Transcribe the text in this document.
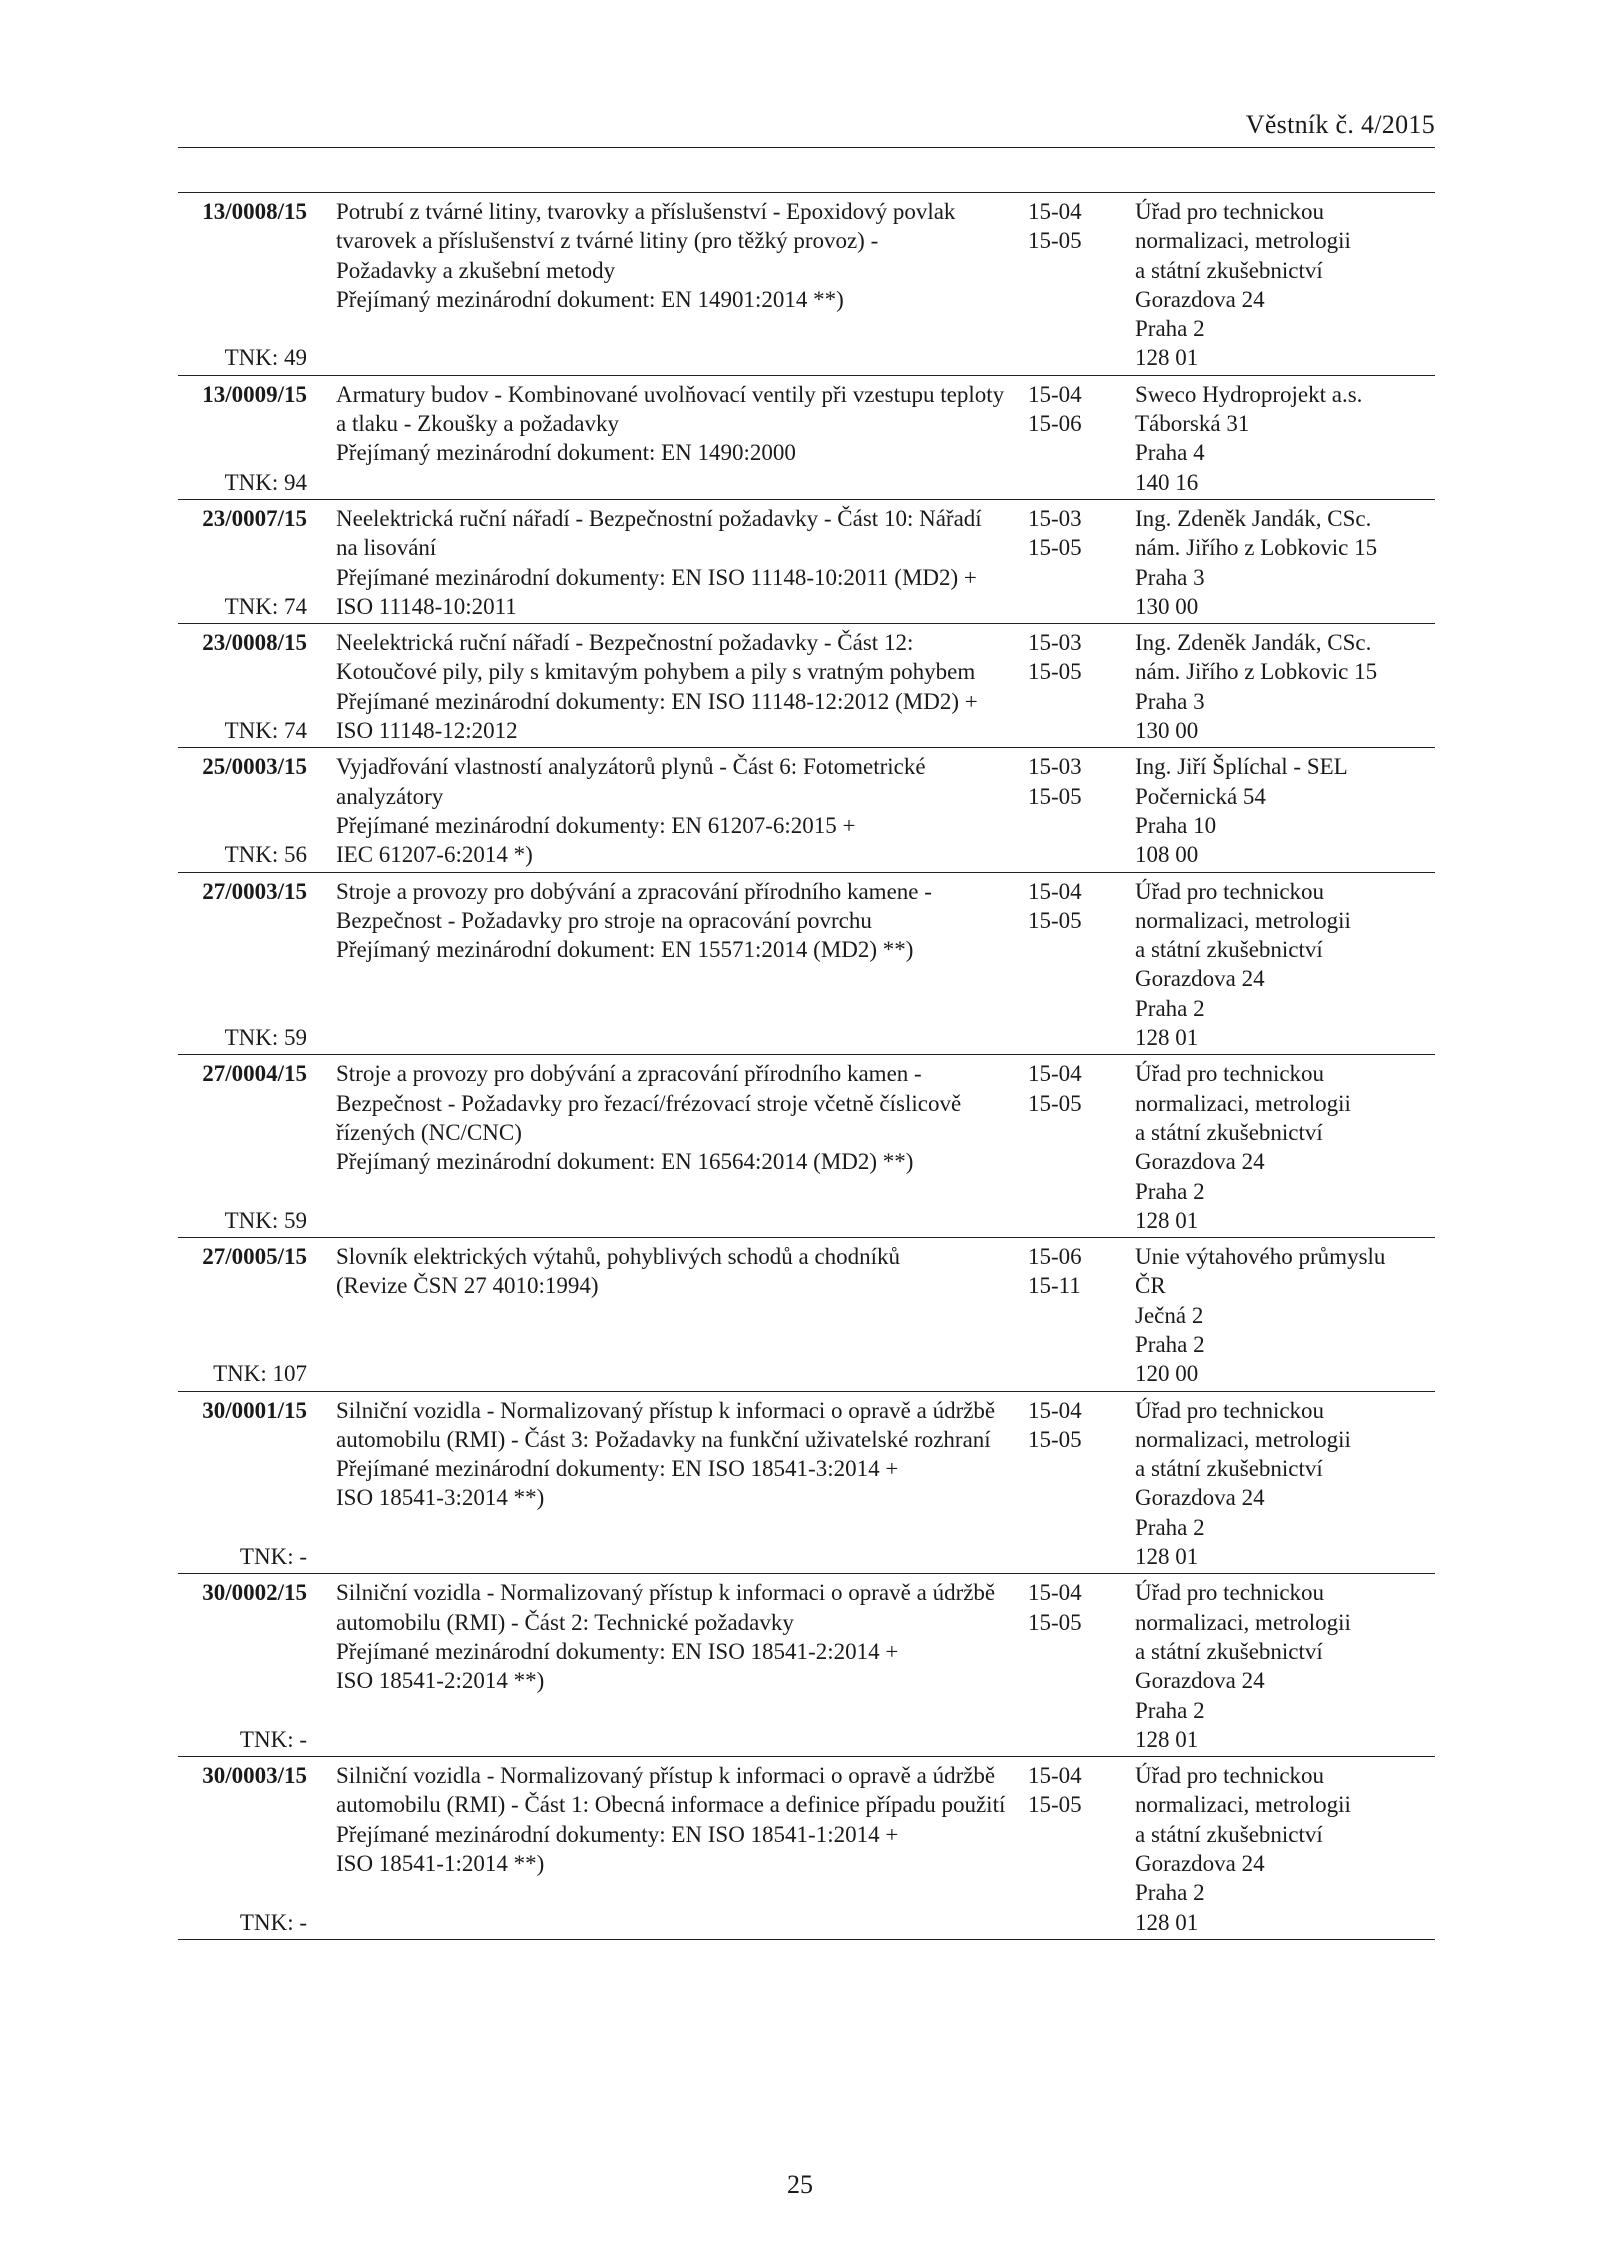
Věstník č. 4/2015
13/0008/15
TNK: 49
Potrubí z tvárné litiny, tvarovky a příslušenství - Epoxidový povlak
tvarovek a příslušenství z tvárné litiny (pro těžký provoz) -
Požadavky a zkušební metody
Přejímaný mezinárodní dokument: EN 14901:2014 **)
15-04
15-05
Úřad pro technickou
normalizaci, metrologii
a státní zkušebnictví
Gorazdova 24
Praha 2
128 01
13/0009/15
TNK: 94
Armatury budov - Kombinované uvolňovací ventily při vzestupu teploty
a tlaku - Zkoušky a požadavky
Přejímaný mezinárodní dokument: EN 1490:2000
15-04
15-06
Sweco Hydroprojekt a.s.
Táborská 31
Praha 4
140 16
23/0007/15
TNK: 74
Neelektrická ruční nářadí - Bezpečnostní požadavky - Část 10: Nářadí
na lisování
Přejímané mezinárodní dokumenty: EN ISO 11148-10:2011 (MD2) +
ISO 11148-10:2011
15-03
15-05
Ing. Zdeněk Jandák, CSc.
nám. Jiřího z Lobkovic 15
Praha 3
130 00
23/0008/15
TNK: 74
Neelektrická ruční nářadí - Bezpečnostní požadavky - Část 12:
Kotoučové pily, pily s kmitavým pohybem a pily s vratným pohybem
Přejímané mezinárodní dokumenty: EN ISO 11148-12:2012 (MD2) +
ISO 11148-12:2012
15-03
15-05
Ing. Zdeněk Jandák, CSc.
nám. Jiřího z Lobkovic 15
Praha 3
130 00
25/0003/15
TNK: 56
Vyjadřování vlastností analyzátorů plynů - Část 6: Fotometrické
analyzátory
Přejímané mezinárodní dokumenty: EN 61207-6:2015 +
IEC 61207-6:2014 *)
15-03
15-05
Ing. Jiří Šplíchal - SEL
Počernická 54
Praha 10
108 00
27/0003/15
TNK: 59
Stroje a provozy pro dobývání a zpracování přírodního kamene -
Bezpečnost - Požadavky pro stroje na opracování povrchu
Přejímaný mezinárodní dokument: EN 15571:2014 (MD2) **)
15-04
15-05
Úřad pro technickou
normalizaci, metrologii
a státní zkušebnictví
Gorazdova 24
Praha 2
128 01
27/0004/15
TNK: 59
Stroje a provozy pro dobývání a zpracování přírodního kamen -
Bezpečnost - Požadavky pro řezací/frézovací stroje včetně číslicově
řízených (NC/CNC)
Přejímaný mezinárodní dokument: EN 16564:2014 (MD2) **)
15-04
15-05
Úřad pro technickou
normalizaci, metrologii
a státní zkušebnictví
Gorazdova 24
Praha 2
128 01
27/0005/15
TNK: 107
Slovník elektrických výtahů, pohyblivých schodů a chodníků
(Revize ČSN 27 4010:1994)
15-06
15-11
Unie výtahového průmyslu
ČR
Ječná 2
Praha 2
120 00
30/0001/15
TNK: -
Silniční vozidla - Normalizovaný přístup k informaci o opravě a údržbě
automobilu (RMI) - Část 3: Požadavky na funkční uživatelské rozhraní
Přejímané mezinárodní dokumenty: EN ISO 18541-3:2014 +
ISO 18541-3:2014 **)
15-04
15-05
Úřad pro technickou
normalizaci, metrologii
a státní zkušebnictví
Gorazdova 24
Praha 2
128 01
30/0002/15
TNK: -
Silniční vozidla - Normalizovaný přístup k informaci o opravě a údržbě
automobilu (RMI) - Část 2: Technické požadavky
Přejímané mezinárodní dokumenty: EN ISO 18541-2:2014 +
ISO 18541-2:2014 **)
15-04
15-05
Úřad pro technickou
normalizaci, metrologii
a státní zkušebnictví
Gorazdova 24
Praha 2
128 01
30/0003/15
TNK: -
Silniční vozidla - Normalizovaný přístup k informaci o opravě a údržbě
automobilu (RMI) - Část 1: Obecná informace a definice případu použití
Přejímané mezinárodní dokumenty: EN ISO 18541-1:2014 +
ISO 18541-1:2014 **)
15-04
15-05
Úřad pro technickou
normalizaci, metrologii
a státní zkušebnictví
Gorazdova 24
Praha 2
128 01
25
